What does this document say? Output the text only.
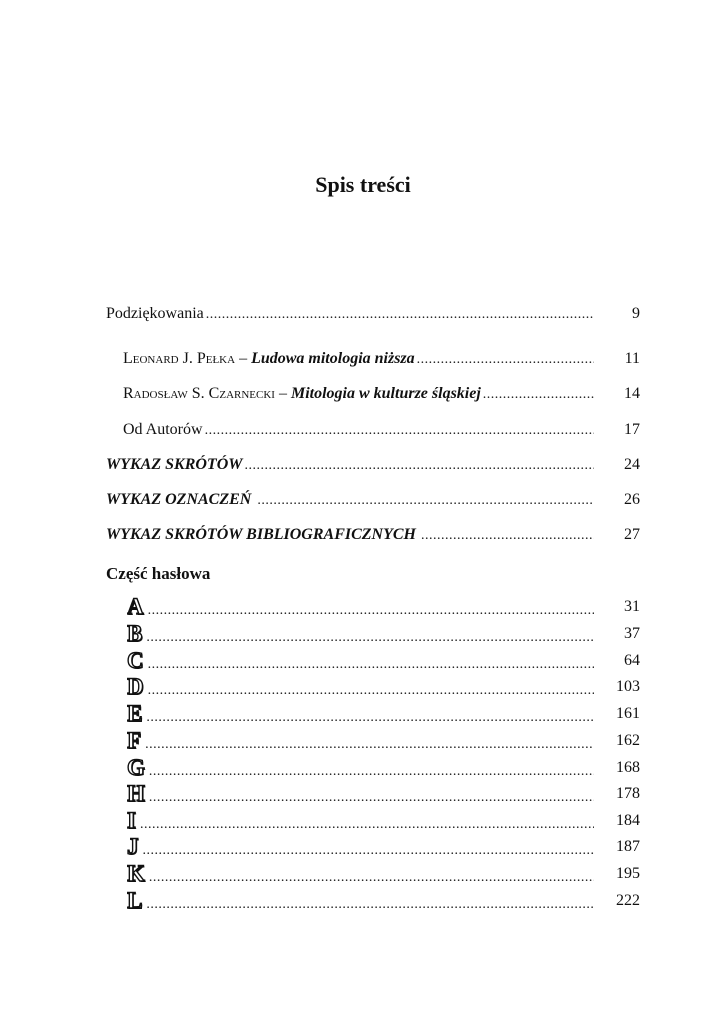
Spis treści
Podziękowania .....	9
Leonard J. Pełka – Ludowa mitologia niższa .....	11
Radosław S. Czarnecki – Mitologia w kulturze śląskiej .....	14
Od Autorów .....	17
WYKAZ SKRÓTÓW .....	24
WYKAZ OZNACZEŃ .....	26
WYKAZ SKRÓTÓW BIBLIOGRAFICZNYCH .....	27
Część hasłowa
A .....	31
B .....	37
C .....	64
D .....	103
E .....	161
F .....	162
G .....	168
H .....	178
I .....	184
J .....	187
K .....	195
L .....	222
